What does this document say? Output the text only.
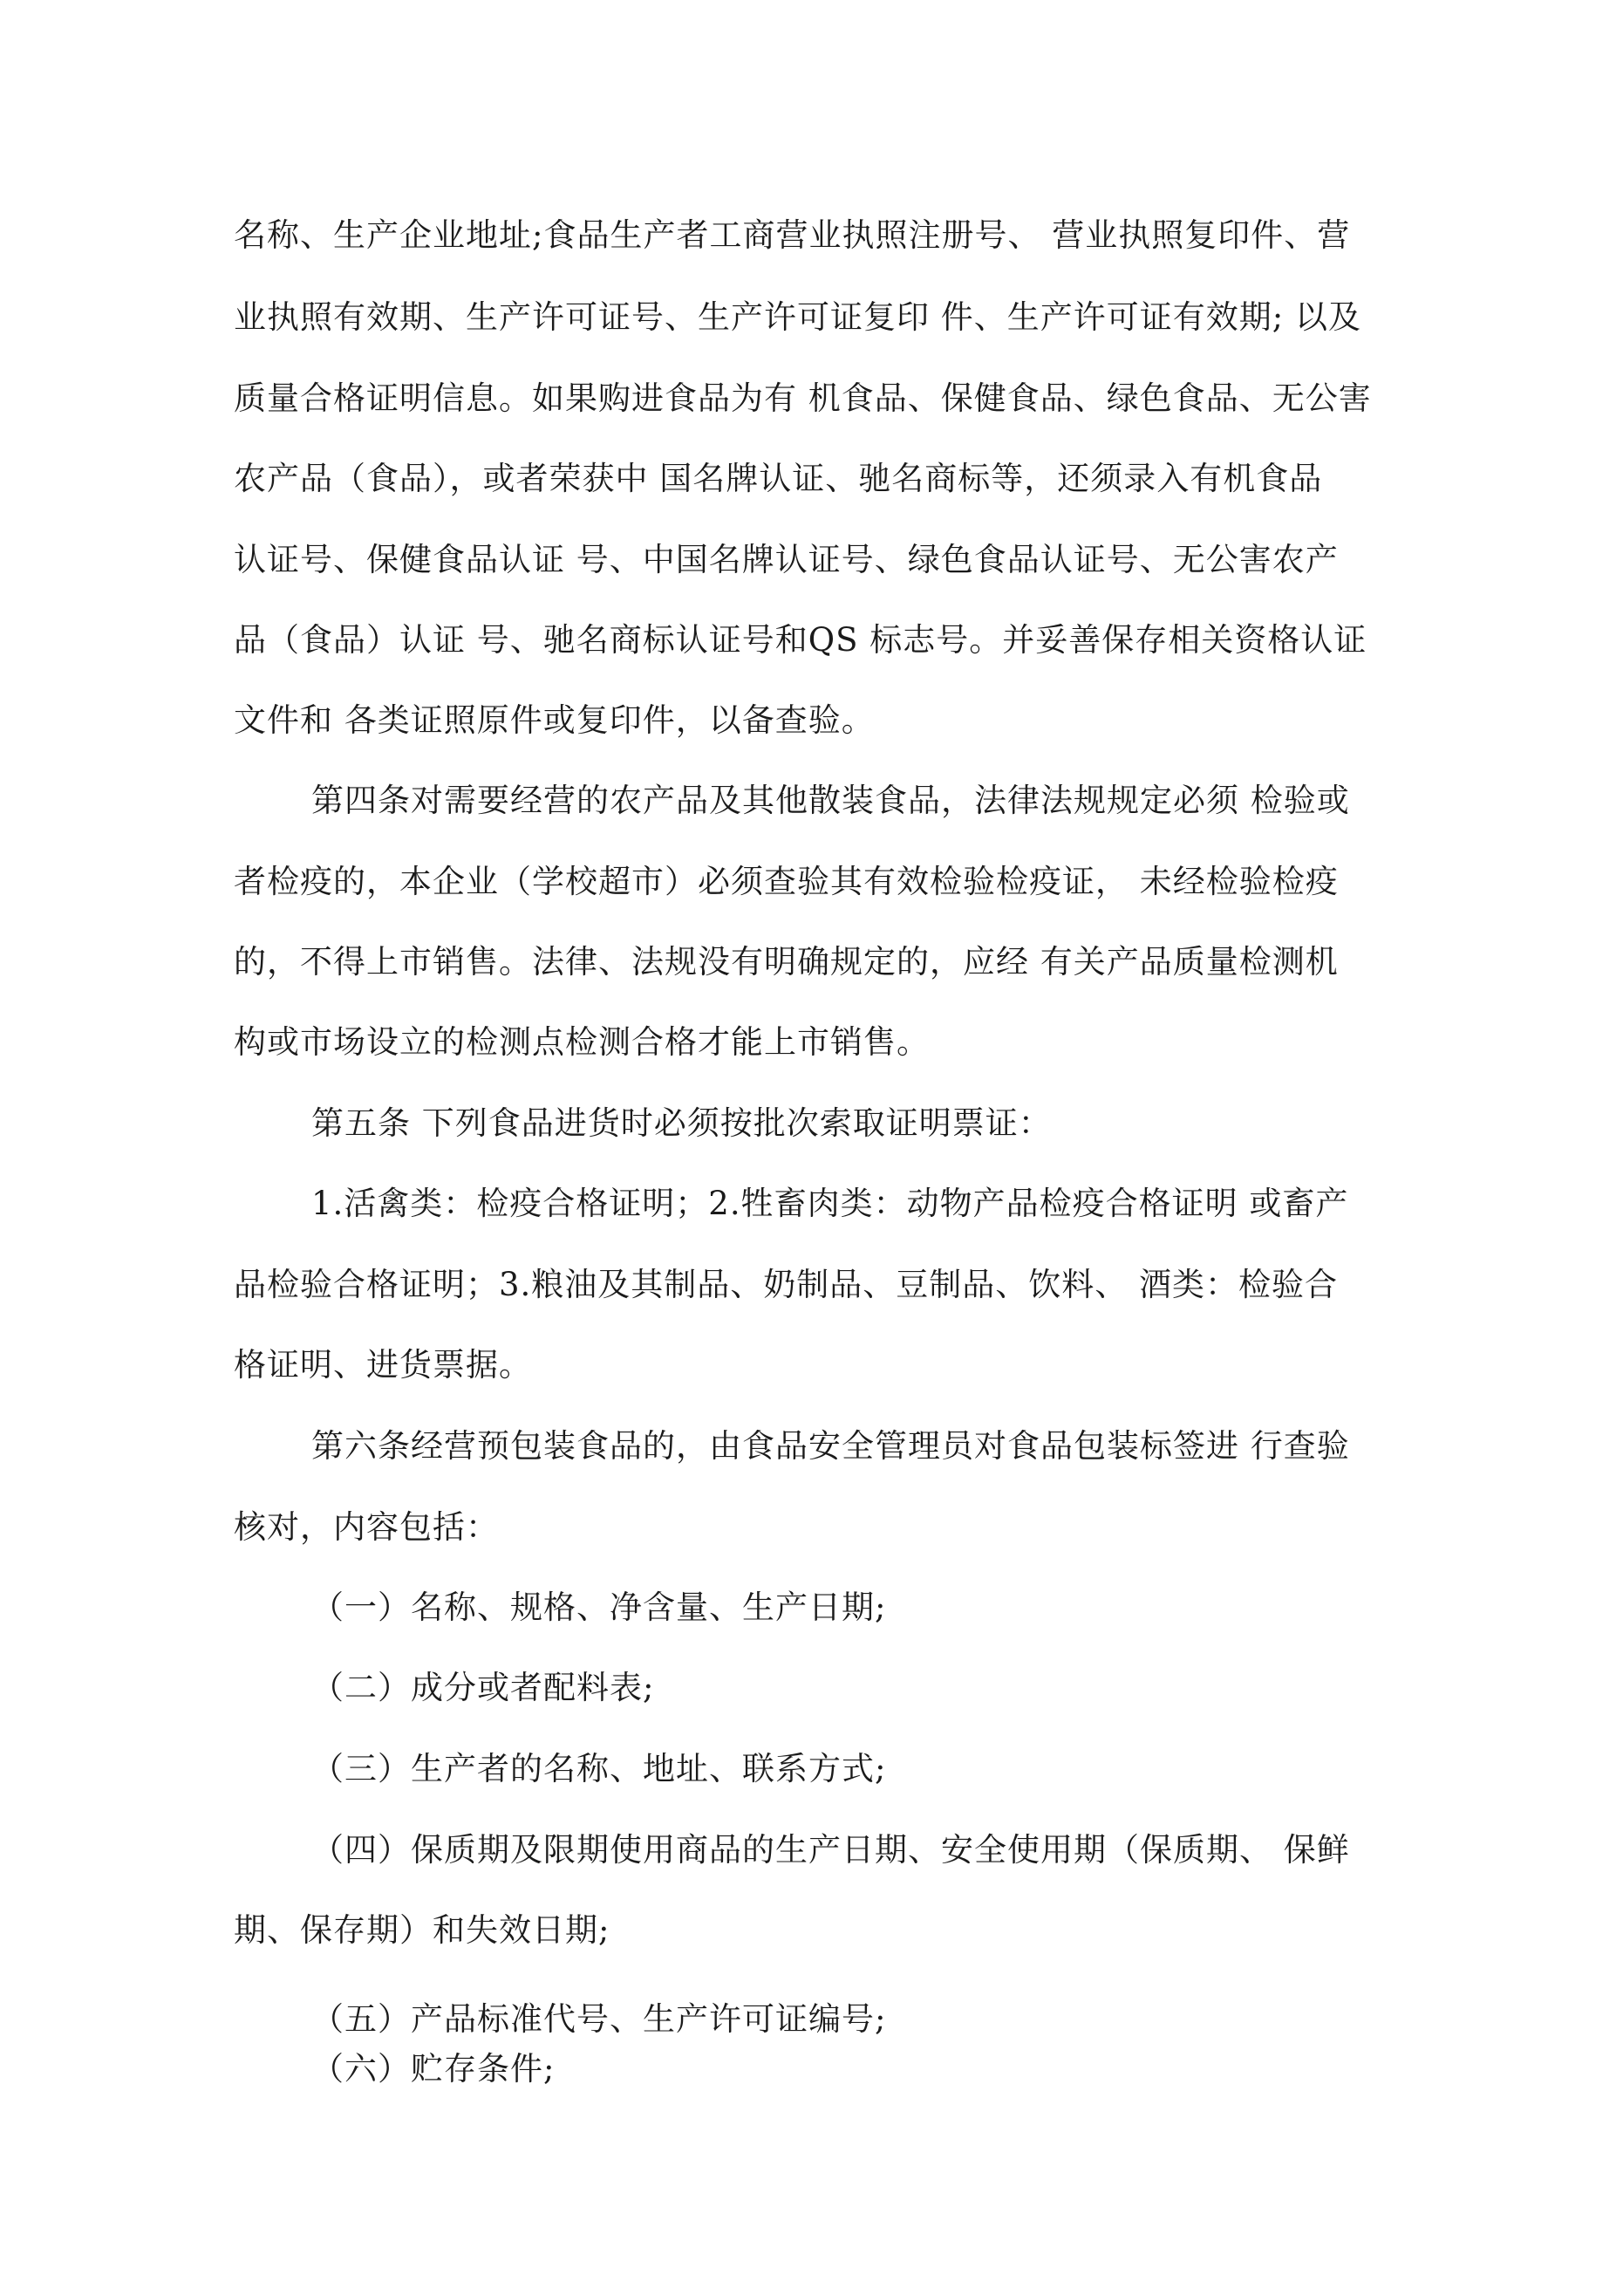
名称、生产企业地址;食品生产者工商营业执照注册号、 营业执照复印件、营
业执照有效期、生产许可证号、生产许可证复印 件、生产许可证有效期; 以及
质量合格证明信息。如果购进食品为有 机食品、保健食品、绿色食品、无公害
农产品（食品），或者荣获中 国名牌认证、驰名商标等，还须录入有机食品
认证号、保健食品认证 号、中国名牌认证号、绿色食品认证号、无公害农产
品（食品）认证 号、驰名商标认证号和QS 标志号。并妥善保存相关资格认证
文件和 各类证照原件或复印件，以备查验。
第四条对需要经营的农产品及其他散装食品，法律法规规定必须 检验或
者检疫的，本企业（学校超市）必须查验其有效检验检疫证， 未经检验检疫
的，不得上市销售。法律、法规没有明确规定的，应经 有关产品质量检测机
构或市场设立的检测点检测合格才能上市销售。
第五条 下列食品进货时必须按批次索取证明票证：
1.活禽类：检疫合格证明；2.牲畜肉类：动物产品检疫合格证明 或畜产
品检验合格证明；3.粮油及其制品、奶制品、豆制品、饮料、 酒类：检验合
格证明、进货票据。
第六条经营预包装食品的，由食品安全管理员对食品包装标签进 行查验
核对，内容包括：
（一）名称、规格、净含量、生产日期;
（二）成分或者配料表;
（三）生产者的名称、地址、联系方式;
（四）保质期及限期使用商品的生产日期、安全使用期（保质期、 保鲜
期、保存期）和失效日期;
（五）产品标准代号、生产许可证编号;
（六）贮存条件;
